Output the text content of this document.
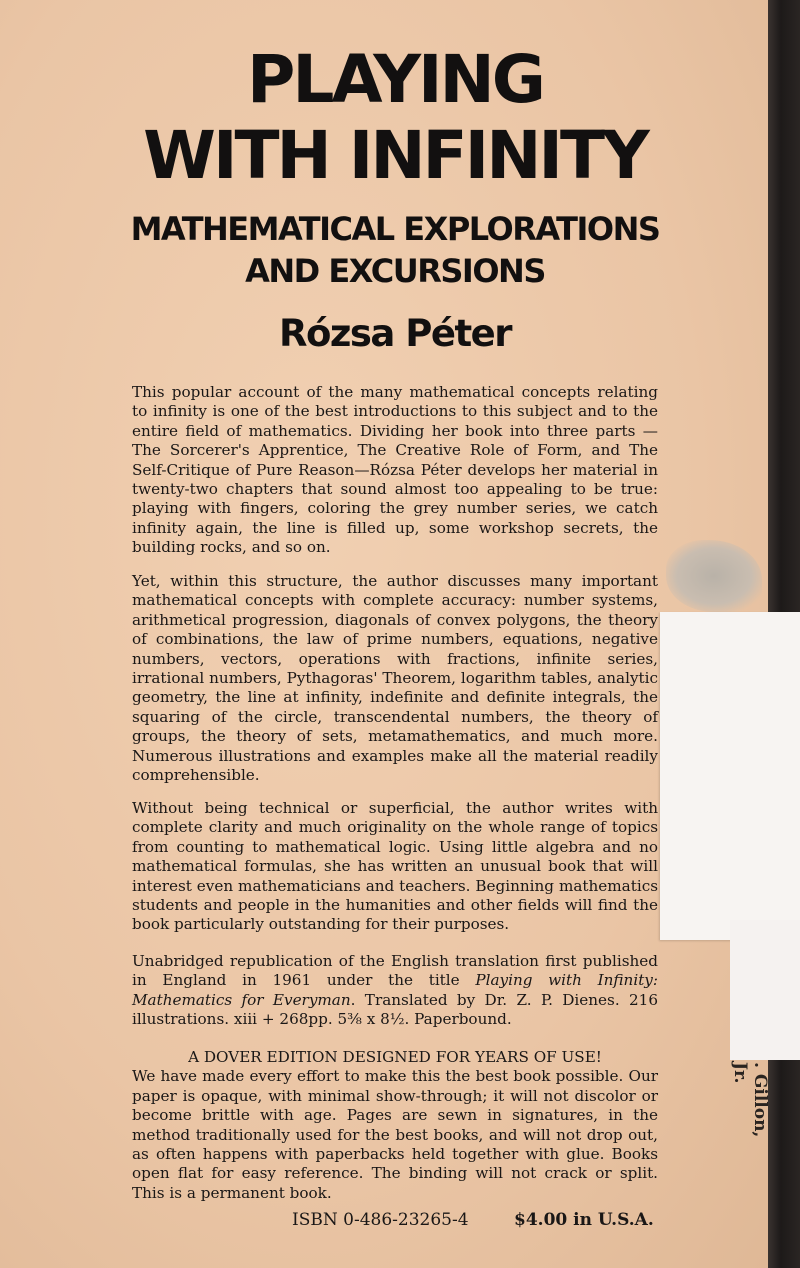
. Gillon, Jr.
PLAYING
WITH INFINITY
MATHEMATICAL EXPLORATIONS
AND EXCURSIONS
Rózsa Péter
This popular account of the many mathematical concepts relating to infinity is one of the best introductions to this subject and to the entire field of mathematics. Dividing her book into three parts —The Sorcerer's Apprentice, The Creative Role of Form, and The Self-Critique of Pure Reason—Rózsa Péter develops her material in twenty-two chapters that sound almost too appealing to be true: playing with fingers, coloring the grey number series, we catch infinity again, the line is filled up, some workshop secrets, the building rocks, and so on.
Yet, within this structure, the author discusses many important mathematical concepts with complete accuracy: number systems, arithmetical progression, diagonals of convex polygons, the theory of combinations, the law of prime numbers, equations, negative numbers, vectors, operations with fractions, infinite series, irrational numbers, Pythagoras' Theorem, logarithm tables, analytic geometry, the line at infinity, indefinite and definite integrals, the squaring of the circle, transcendental numbers, the theory of groups, the theory of sets, metamathematics, and much more. Numerous illustrations and examples make all the material readily comprehensible.
Without being technical or superficial, the author writes with complete clarity and much originality on the whole range of topics from counting to mathematical logic. Using little algebra and no mathematical formulas, she has written an unusual book that will interest even mathematicians and teachers. Beginning mathematics students and people in the humanities and other fields will find the book particularly outstanding for their purposes.
Unabridged republication of the English translation first published in England in 1961 under the title Playing with Infinity: Mathematics for Everyman. Translated by Dr. Z. P. Dienes. 216 illustrations. xiii + 268pp. 5⅜ x 8½. Paperbound.
A DOVER EDITION DESIGNED FOR YEARS OF USE!
We have made every effort to make this the best book possible. Our paper is opaque, with minimal show-through; it will not discolor or become brittle with age. Pages are sewn in signatures, in the method traditionally used for the best books, and will not drop out, as often happens with paperbacks held together with glue. Books open flat for easy reference. The binding will not crack or split. This is a permanent book.
ISBN 0-486-23265-4	$4.00 in U.S.A.
